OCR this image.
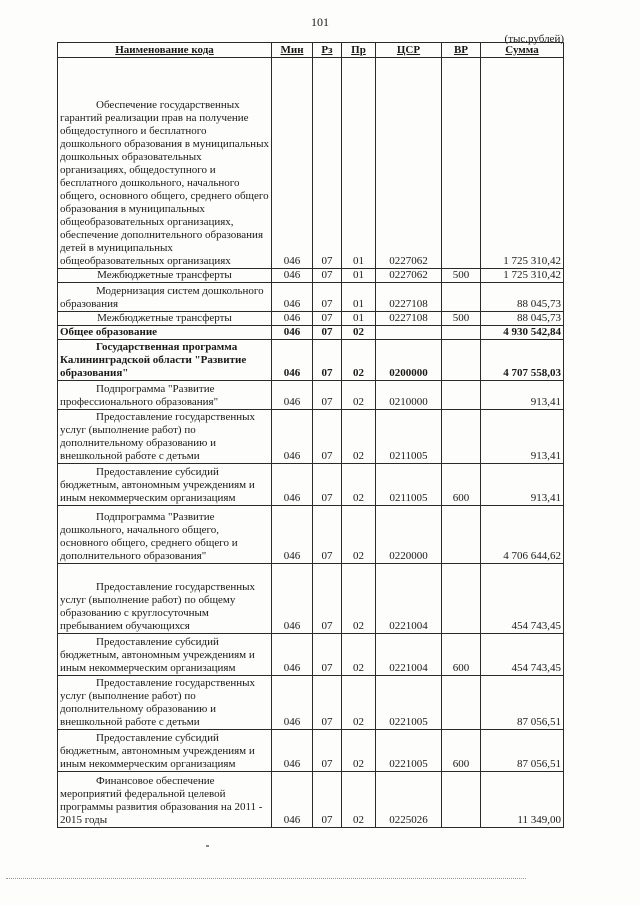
101
(тыс.рублей)
Наименование кода	Мин	Рз	Пр	ЦСР	ВР	Сумма
Обеспечение государственных гарантий реализации прав на получение общедоступного и бесплатного дошкольного образования в муниципальных дошкольных образовательных организациях, общедоступного и бесплатного дошкольного, начального общего, основного общего, среднего общего образования в муниципальных общеобразовательных организациях, обеспечение дополнительного образования детей в муниципальных общеобразовательных организациях	046	07	01	0227062		1 725 310,42
Межбюджетные трансферты	046	07	01	0227062	500	1 725 310,42
Модернизация систем дошкольного образования	046	07	01	0227108		88 045,73
Межбюджетные трансферты	046	07	01	0227108	500	88 045,73
Общее образование	046	07	02			4 930 542,84
Государственная программа Калининградской области "Развитие образования"	046	07	02	0200000		4 707 558,03
Подпрограмма "Развитие профессионального образования"	046	07	02	0210000		913,41
Предоставление государственных услуг (выполнение работ) по дополнительному образованию и внешкольной работе с детьми	046	07	02	0211005		913,41
Предоставление субсидий бюджетным, автономным учреждениям и иным некоммерческим организациям	046	07	02	0211005	600	913,41
Подпрограмма "Развитие дошкольного, начального общего, основного общего, среднего общего и дополнительного образования"	046	07	02	0220000		4 706 644,62
Предоставление государственных услуг (выполнение работ) по общему образованию с круглосуточным пребыванием обучающихся	046	07	02	0221004		454 743,45
Предоставление субсидий бюджетным, автономным учреждениям и иным некоммерческим организациям	046	07	02	0221004	600	454 743,45
Предоставление государственных услуг (выполнение работ) по дополнительному образованию и внешкольной работе с детьми	046	07	02	0221005		87 056,51
Предоставление субсидий бюджетным, автономным учреждениям и иным некоммерческим организациям	046	07	02	0221005	600	87 056,51
Финансовое обеспечение мероприятий федеральной целевой программы развития образования на 2011 - 2015 годы	046	07	02	0225026		11 349,00
